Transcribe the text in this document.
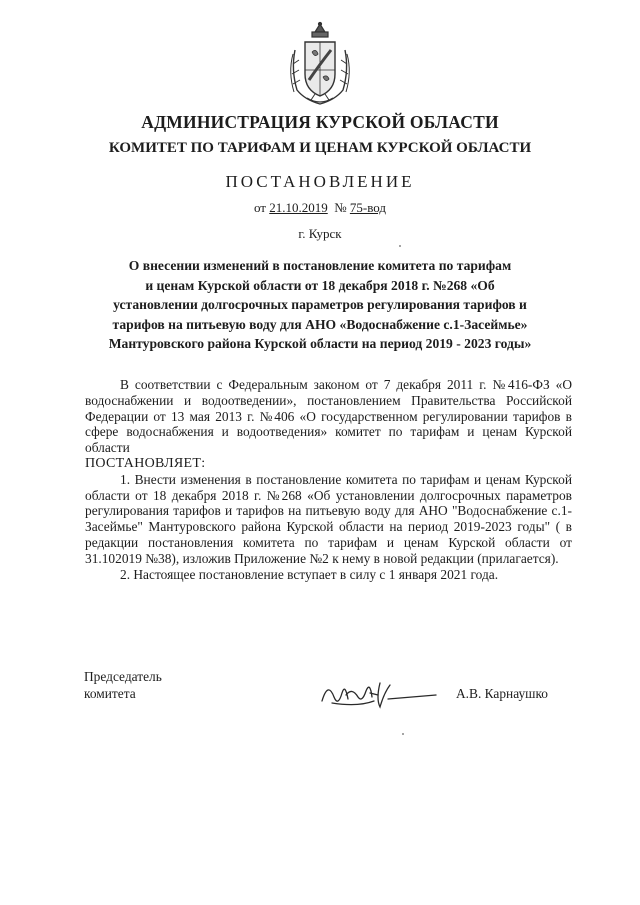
АДМИНИСТРАЦИЯ КУРСКОЙ ОБЛАСТИ
КОМИТЕТ ПО ТАРИФАМ И ЦЕНАМ КУРСКОЙ ОБЛАСТИ
ПОСТАНОВЛЕНИЕ
от 21.10.2019 № 75-вод
г. Курск
О внесении изменений в постановление комитета по тарифам
и ценам Курской области от 18 декабря 2018 г. №268 «Об
установлении долгосрочных параметров регулирования тарифов и
тарифов на питьевую воду для АНО «Водоснабжение с.1-Засеймье»
Мантуровского района Курской области на период 2019 - 2023 годы»

В соответствии с Федеральным законом от 7 декабря 2011 г. №416-ФЗ «О водоснабжении и водоотведении», постановлением Правительства Российской Федерации от 13 мая 2013 г. №406 «О государственном регулировании тарифов в сфере водоснабжения и водоотведения» комитет по тарифам и ценам Курской области

ПОСТАНОВЛЯЕТ:

1. Внести изменения в постановление комитета по тарифам и ценам Курской области от 18 декабря 2018 г. №268 «Об установлении долгосрочных параметров регулирования тарифов и тарифов на питьевую воду для АНО "Водоснабжение с.1-Засеймье" Мантуровского района Курской области на период 2019-2023 годы" ( в редакции постановления комитета по тарифам и ценам Курской области от 31.102019 №38), изложив Приложение №2 к нему в новой редакции (прилагается).

2. Настоящее постановление вступает в силу с 1 января 2021 года.

Председатель
комитета	А.В. Карнаушко
